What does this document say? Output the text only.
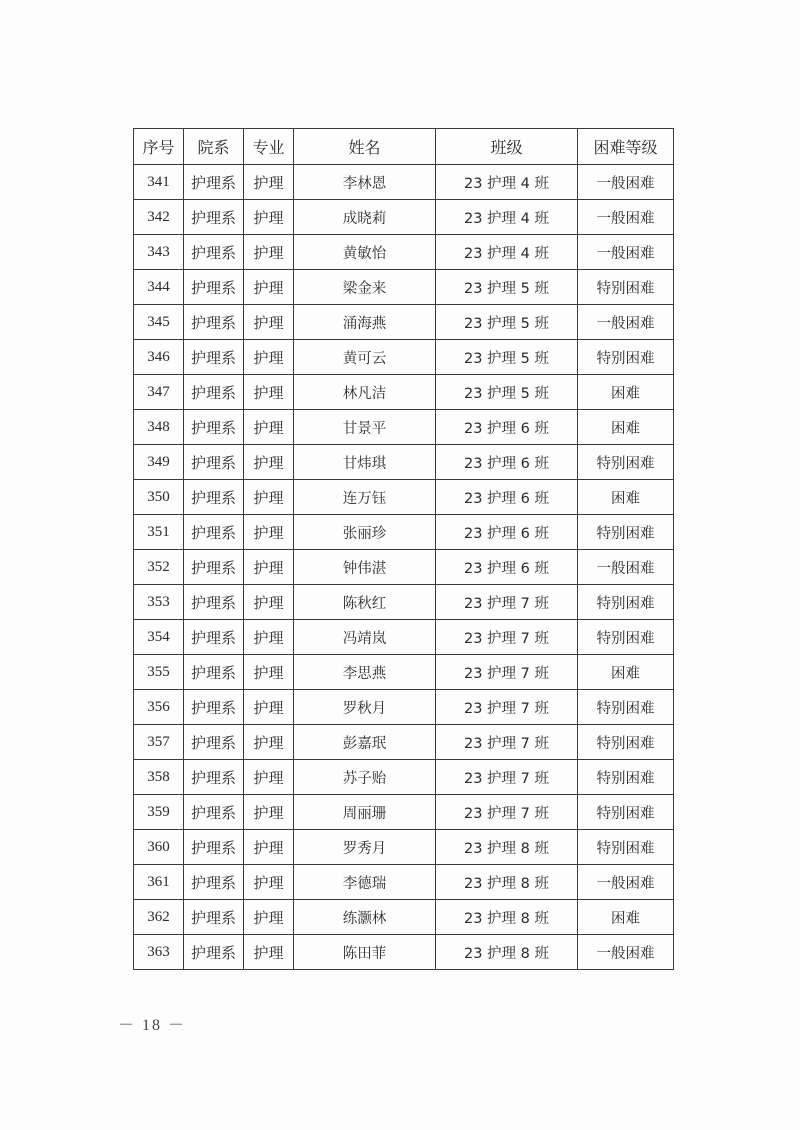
序号	院系	专业	姓名	班级	困难等级
341	护理系	护理	李林恩	23 护理 4 班	一般困难
342	护理系	护理	成晓莉	23 护理 4 班	一般困难
343	护理系	护理	黄敏怡	23 护理 4 班	一般困难
344	护理系	护理	梁金来	23 护理 5 班	特别困难
345	护理系	护理	涌海燕	23 护理 5 班	一般困难
346	护理系	护理	黄可云	23 护理 5 班	特别困难
347	护理系	护理	林凡洁	23 护理 5 班	困难
348	护理系	护理	甘景平	23 护理 6 班	困难
349	护理系	护理	甘炜琪	23 护理 6 班	特别困难
350	护理系	护理	连万钰	23 护理 6 班	困难
351	护理系	护理	张丽珍	23 护理 6 班	特别困难
352	护理系	护理	钟伟湛	23 护理 6 班	一般困难
353	护理系	护理	陈秋红	23 护理 7 班	特别困难
354	护理系	护理	冯靖岚	23 护理 7 班	特别困难
355	护理系	护理	李思燕	23 护理 7 班	困难
356	护理系	护理	罗秋月	23 护理 7 班	特别困难
357	护理系	护理	彭嘉珉	23 护理 7 班	特别困难
358	护理系	护理	苏子贻	23 护理 7 班	特别困难
359	护理系	护理	周丽珊	23 护理 7 班	特别困难
360	护理系	护理	罗秀月	23 护理 8 班	特别困难
361	护理系	护理	李德瑞	23 护理 8 班	一般困难
362	护理系	护理	练灏林	23 护理 8 班	困难
363	护理系	护理	陈田菲	23 护理 8 班	一般困难
－ 18 －
